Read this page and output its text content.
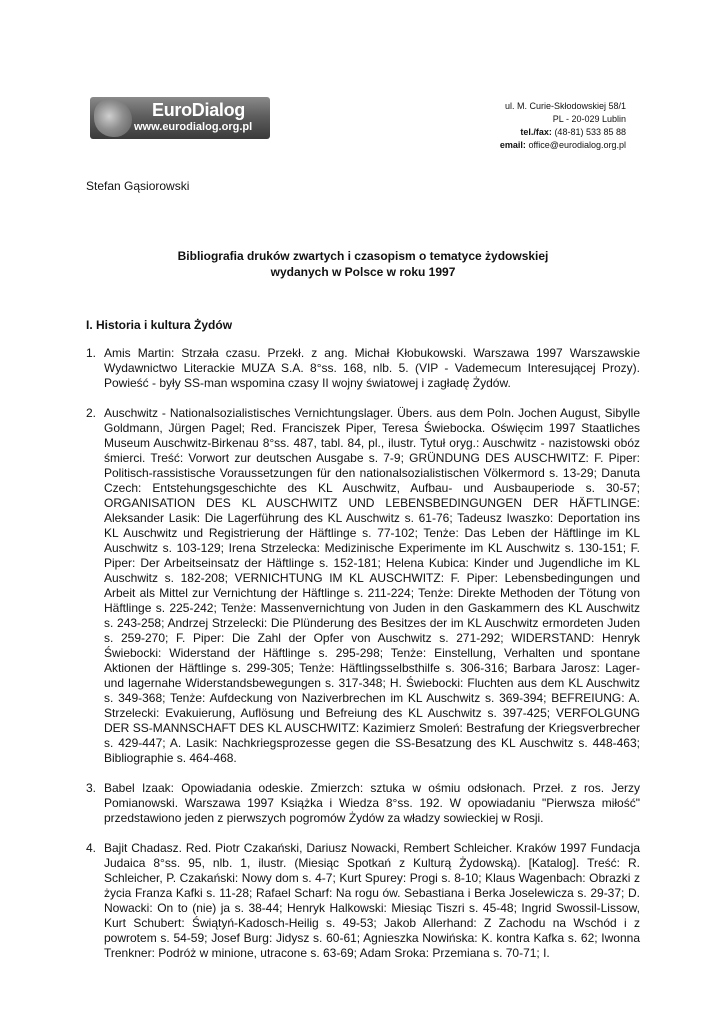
EuroDialog
www.eurodialog.org.pl
ul. M. Curie-Skłodowskiej 58/1
PL - 20-029 Lublin
tel./fax: (48-81) 533 85 88
email: office@eurodialog.org.pl
Stefan Gąsiorowski
Bibliografia druków zwartych i czasopism o tematyce żydowskiej
wydanych w Polsce w roku 1997
I. Historia i kultura Żydów
1. Amis Martin: Strzała czasu. Przekł. z ang. Michał Kłobukowski. Warszawa 1997 Warszawskie Wydawnictwo Literackie MUZA S.A. 8°ss. 168, nlb. 5. (VIP - Vademecum Interesującej Prozy). Powieść - były SS-man wspomina czasy II wojny światowej i zagładę Żydów.
2. Auschwitz - Nationalsozialistisches Vernichtungslager. Übers. aus dem Poln. Jochen August, Sibylle Goldmann, Jürgen Pagel; Red. Franciszek Piper, Teresa Świebocka. Oświęcim 1997 Staatliches Museum Auschwitz-Birkenau 8°ss. 487, tabl. 84, pl., ilustr. Tytuł oryg.: Auschwitz - nazistowski obóz śmierci. Treść: Vorwort zur deutschen Ausgabe s. 7-9; GRÜNDUNG DES AUSCHWITZ: F. Piper: Politisch-rassistische Voraussetzungen für den nationalsozialistischen Völkermord s. 13-29; Danuta Czech: Entstehungsgeschichte des KL Auschwitz, Aufbau- und Ausbauperiode s. 30-57; ORGANISATION DES KL AUSCHWITZ UND LEBENSBEDINGUNGEN DER HÄFTLINGE: Aleksander Lasik: Die Lagerführung des KL Auschwitz s. 61-76; Tadeusz Iwaszko: Deportation ins KL Auschwitz und Registrierung der Häftlinge s. 77-102; Tenże: Das Leben der Häftlinge im KL Auschwitz s. 103-129; Irena Strzelecka: Medizinische Experimente im KL Auschwitz s. 130-151; F. Piper: Der Arbeitseinsatz der Häftlinge s. 152-181; Helena Kubica: Kinder und Jugendliche im KL Auschwitz s. 182-208; VERNICHTUNG IM KL AUSCHWITZ: F. Piper: Lebensbedingungen und Arbeit als Mittel zur Vernichtung der Häftlinge s. 211-224; Tenże: Direkte Methoden der Tötung von Häftlinge s. 225-242; Tenże: Massenvernichtung von Juden in den Gaskammern des KL Auschwitz s. 243-258; Andrzej Strzelecki: Die Plünderung des Besitzes der im KL Auschwitz ermordeten Juden s. 259-270; F. Piper: Die Zahl der Opfer von Auschwitz s. 271-292; WIDERSTAND: Henryk Świebocki: Widerstand der Häftlinge s. 295-298; Tenże: Einstellung, Verhalten und spontane Aktionen der Häftlinge s. 299-305; Tenże: Häftlingsselbsthilfe s. 306-316; Barbara Jarosz: Lager- und lagernahe Widerstandsbewegungen s. 317-348; H. Świebocki: Fluchten aus dem KL Auschwitz s. 349-368; Tenże: Aufdeckung von Naziverbrechen im KL Auschwitz s. 369-394; BEFREIUNG: A. Strzelecki: Evakuierung, Auflösung und Befreiung des KL Auschwitz s. 397-425; VERFOLGUNG DER SS-MANNSCHAFT DES KL AUSCHWITZ: Kazimierz Smoleń: Bestrafung der Kriegsverbrecher s. 429-447; A. Lasik: Nachkriegsprozesse gegen die SS-Besatzung des KL Auschwitz s. 448-463; Bibliographie s. 464-468.
3. Babel Izaak: Opowiadania odeskie. Zmierzch: sztuka w ośmiu odsłonach. Przeł. z ros. Jerzy Pomianowski. Warszawa 1997 Książka i Wiedza 8°ss. 192. W opowiadaniu "Pierwsza miłość" przedstawiono jeden z pierwszych pogromów Żydów za władzy sowieckiej w Rosji.
4. Bajit Chadasz. Red. Piotr Czakański, Dariusz Nowacki, Rembert Schleicher. Kraków 1997 Fundacja Judaica 8°ss. 95, nlb. 1, ilustr. (Miesiąc Spotkań z Kulturą Żydowską). [Katalog]. Treść: R. Schleicher, P. Czakański: Nowy dom s. 4-7; Kurt Spurey: Progi s. 8-10; Klaus Wagenbach: Obrazki z życia Franza Kafki s. 11-28; Rafael Scharf: Na rogu ów. Sebastiana i Berka Joselewicza s. 29-37; D. Nowacki: On to (nie) ja s. 38-44; Henryk Halkowski: Miesiąc Tiszri s. 45-48; Ingrid Swossil-Lissow, Kurt Schubert: Świątyń-Kadosch-Heilig s. 49-53; Jakob Allerhand: Z Zachodu na Wschód i z powrotem s. 54-59; Josef Burg: Jidysz s. 60-61; Agnieszka Nowińska: K. kontra Kafka s. 62; Iwonna Trenkner: Podróż w minione, utracone s. 63-69; Adam Sroka: Przemiana s. 70-71; I.
